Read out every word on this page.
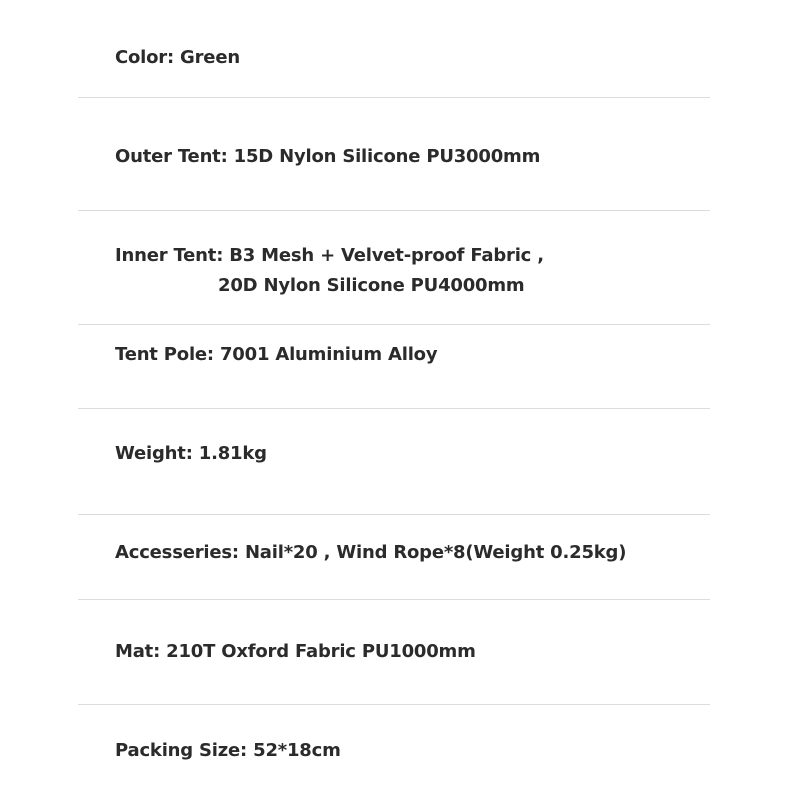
Color: Green
Outer Tent: 15D Nylon Silicone PU3000mm
Inner Tent: B3 Mesh + Velvet-proof Fabric ,
20D Nylon Silicone PU4000mm
Tent Pole: 7001 Aluminium Alloy
Weight: 1.81kg
Accesseries: Nail*20 , Wind Rope*8(Weight 0.25kg)
Mat: 210T Oxford Fabric PU1000mm
Packing Size: 52*18cm
